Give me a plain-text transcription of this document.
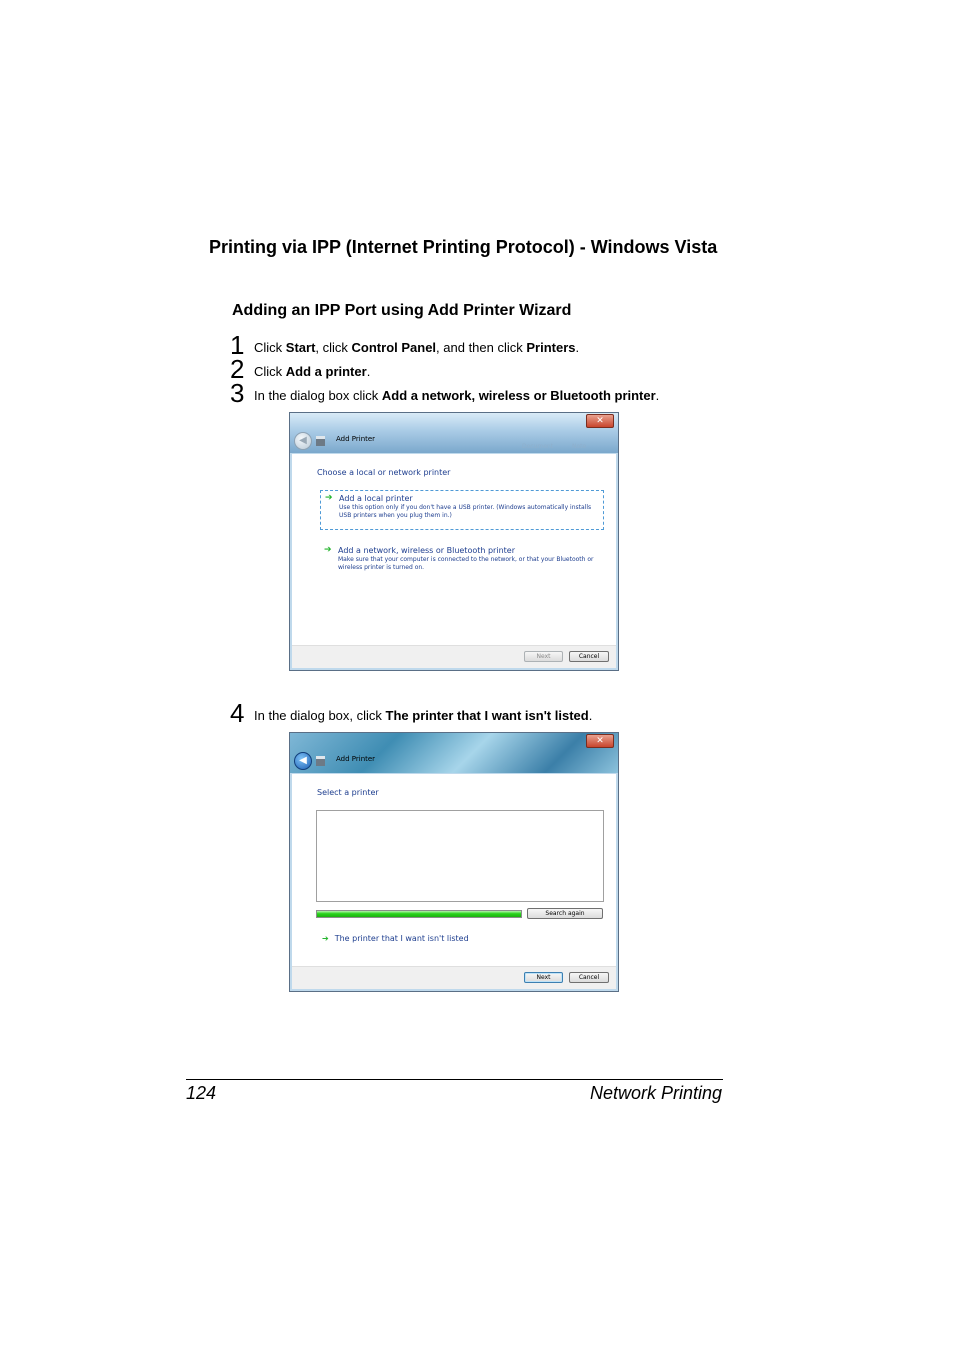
Printing via IPP (Internet Printing Protocol) - Windows Vista
Adding an IPP Port using Add Printer Wizard
1 Click Start, click Control Panel, and then click Printers.
2 Click Add a printer.
3 In the dialog box click Add a network, wireless or Bluetooth printer.
✕
◀	Add Printer
Document	Note
Choose a local or network printer
➔ Add a local printer
Use this option only if you don't have a USB printer. (Windows automatically installs USB printers when you plug them in.)
➔ Add a network, wireless or Bluetooth printer
Make sure that your computer is connected to the network, or that your Bluetooth or wireless printer is turned on.
Next	Cancel
4 In the dialog box, click The printer that I want isn't listed.
✕
◀	Add Printer
Select a printer
Search again
➔ The printer that I want isn't listed
Next	Cancel
124	Network Printing
